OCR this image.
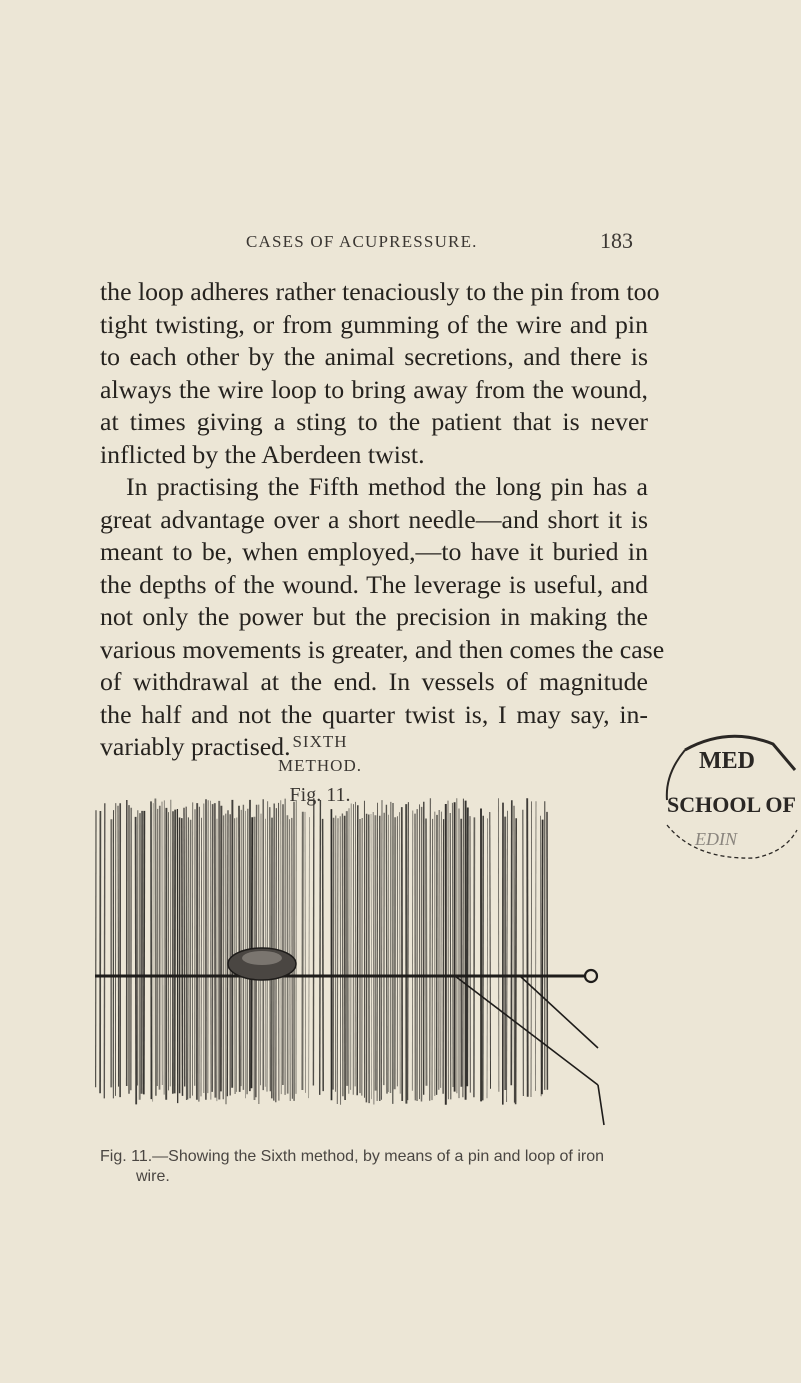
CASES OF ACUPRESSURE.	183
the loop adheres rather tenaciously to the pin from too
tight twisting, or from gumming of the wire and pin
to each other by the animal secretions, and there is
always the wire loop to bring away from the wound,
at times giving a sting to the patient that is never
inflicted by the Aberdeen twist.
In practising the Fifth method the long pin has a
great advantage over a short needle—and short it is
meant to be, when employed,—to have it buried in
the depths of the wound. The leverage is useful, and
not only the power but the precision in making the
various movements is greater, and then comes the case
of withdrawal at the end. In vessels of magnitude
the half and not the quarter twist is, I may say, in-
variably practised. SIXTH METHOD.
Fig. 11.
MED
SCHOOL OF
EDIN
Fig. 11.—Showing the Sixth method, by means of a pin and loop of iron
wire.
